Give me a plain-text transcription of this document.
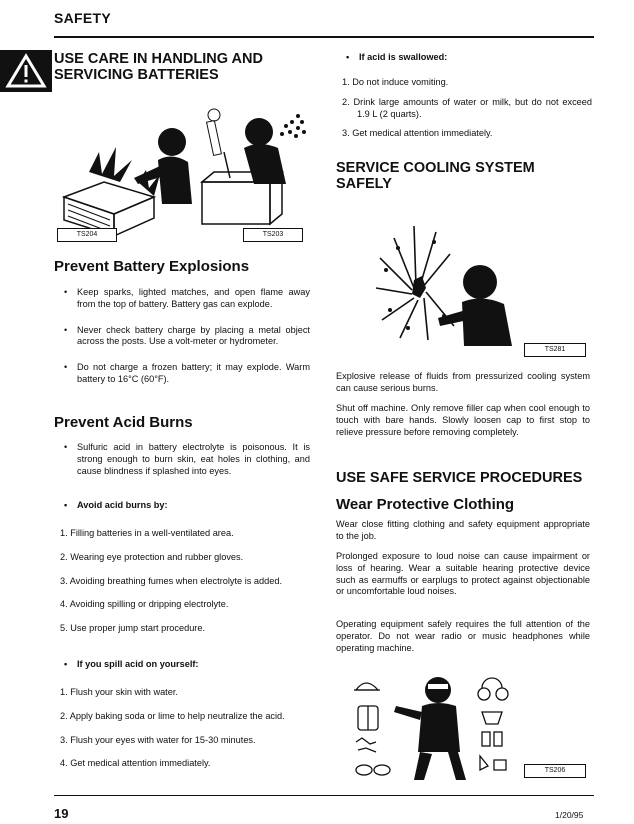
SAFETY
USE CARE IN HANDLING AND
SERVICING BATTERIES
TS204	TS203
Prevent Battery Explosions
•	Keep sparks, lighted matches, and open flame away from the top of battery. Battery gas can explode.
•	Never check battery charge by placing a metal object across the posts. Use a volt-meter or hydrometer.
•	Do not charge a frozen battery; it may explode. Warm battery to 16°C (60°F).
Prevent Acid Burns
•	Sulfuric acid in battery electrolyte is poisonous. It is strong enough to burn skin, eat holes in clothing, and cause blindness if splashed into eyes.
•	Avoid acid burns by:
1. Filling batteries in a well-ventilated area.
2. Wearing eye protection and rubber gloves.
3. Avoiding breathing fumes when electrolyte is added.
4. Avoiding spilling or dripping electrolyte.
5. Use proper jump start procedure.
•	If you spill acid on yourself:
1. Flush your skin with water.
2. Apply baking soda or lime to help neutralize the acid.
3. Flush your eyes with water for 15-30 minutes.
4. Get medical attention immediately.
•	If acid is swallowed:
1. Do not induce vomiting.
2. Drink large amounts of water or milk, but do not exceed 1.9 L (2 quarts).
3. Get medical attention immediately.
SERVICE COOLING SYSTEM
SAFELY
TS281
Explosive release of fluids from pressurized cooling system can cause serious burns.
Shut off machine. Only remove filler cap when cool enough to touch with bare hands. Slowly loosen cap to first stop to relieve pressure before removing completely.
USE SAFE SERVICE PROCEDURES
Wear Protective Clothing
Wear close fitting clothing and safety equipment appropriate to the job.
Prolonged exposure to loud noise can cause impairment or loss of hearing. Wear a suitable hearing protective device such as earmuffs or earplugs to protect against objectionable or uncomfortable loud noises.
Operating equipment safely requires the full attention of the operator. Do not wear radio or music headphones while operating machine.
TS206
19	1/20/95
